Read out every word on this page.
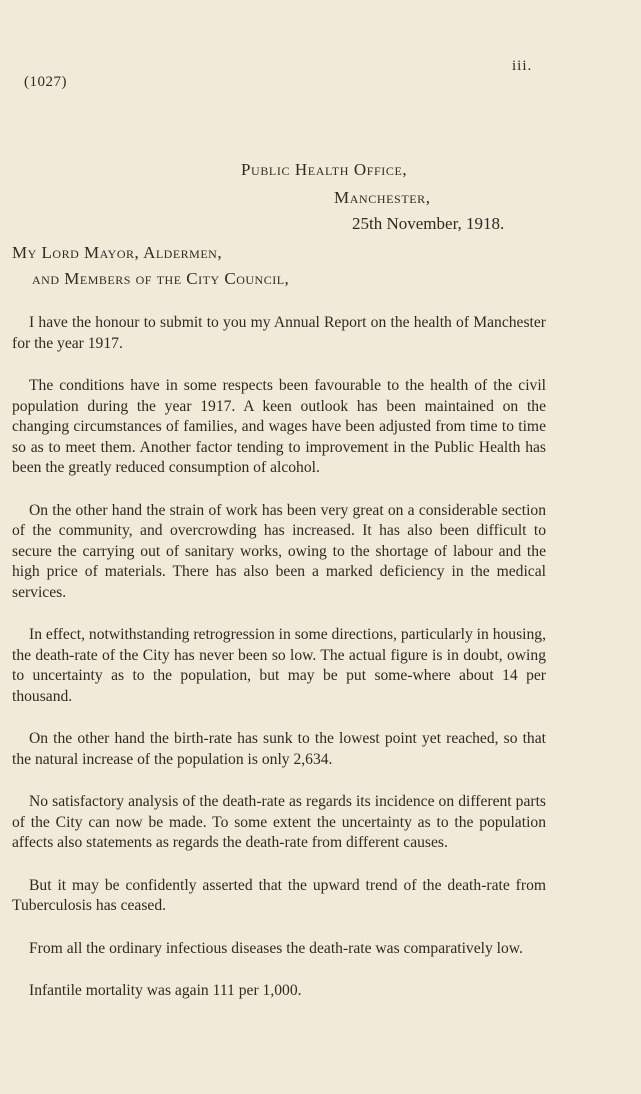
(1027)
iii.
Public Health Office,
Manchester,
25th November, 1918.
My Lord Mayor, Aldermen,
and Members of the City Council,

I have the honour to submit to you my Annual Report on the health of Manchester for the year 1917.

The conditions have in some respects been favourable to the health of the civil population during the year 1917. A keen outlook has been maintained on the changing circumstances of families, and wages have been adjusted from time to time so as to meet them. Another factor tending to improvement in the Public Health has been the greatly reduced consumption of alcohol.

On the other hand the strain of work has been very great on a considerable section of the community, and overcrowding has increased. It has also been difficult to secure the carrying out of sanitary works, owing to the shortage of labour and the high price of materials. There has also been a marked deficiency in the medical services.

In effect, notwithstanding retrogression in some directions, particularly in housing, the death-rate of the City has never been so low. The actual figure is in doubt, owing to uncertainty as to the population, but may be put some-where about 14 per thousand.

On the other hand the birth-rate has sunk to the lowest point yet reached, so that the natural increase of the population is only 2,634.

No satisfactory analysis of the death-rate as regards its incidence on different parts of the City can now be made. To some extent the uncertainty as to the population affects also statements as regards the death-rate from different causes.

But it may be confidently asserted that the upward trend of the death-rate from Tuberculosis has ceased.

From all the ordinary infectious diseases the death-rate was comparatively low.

Infantile mortality was again 111 per 1,000.
